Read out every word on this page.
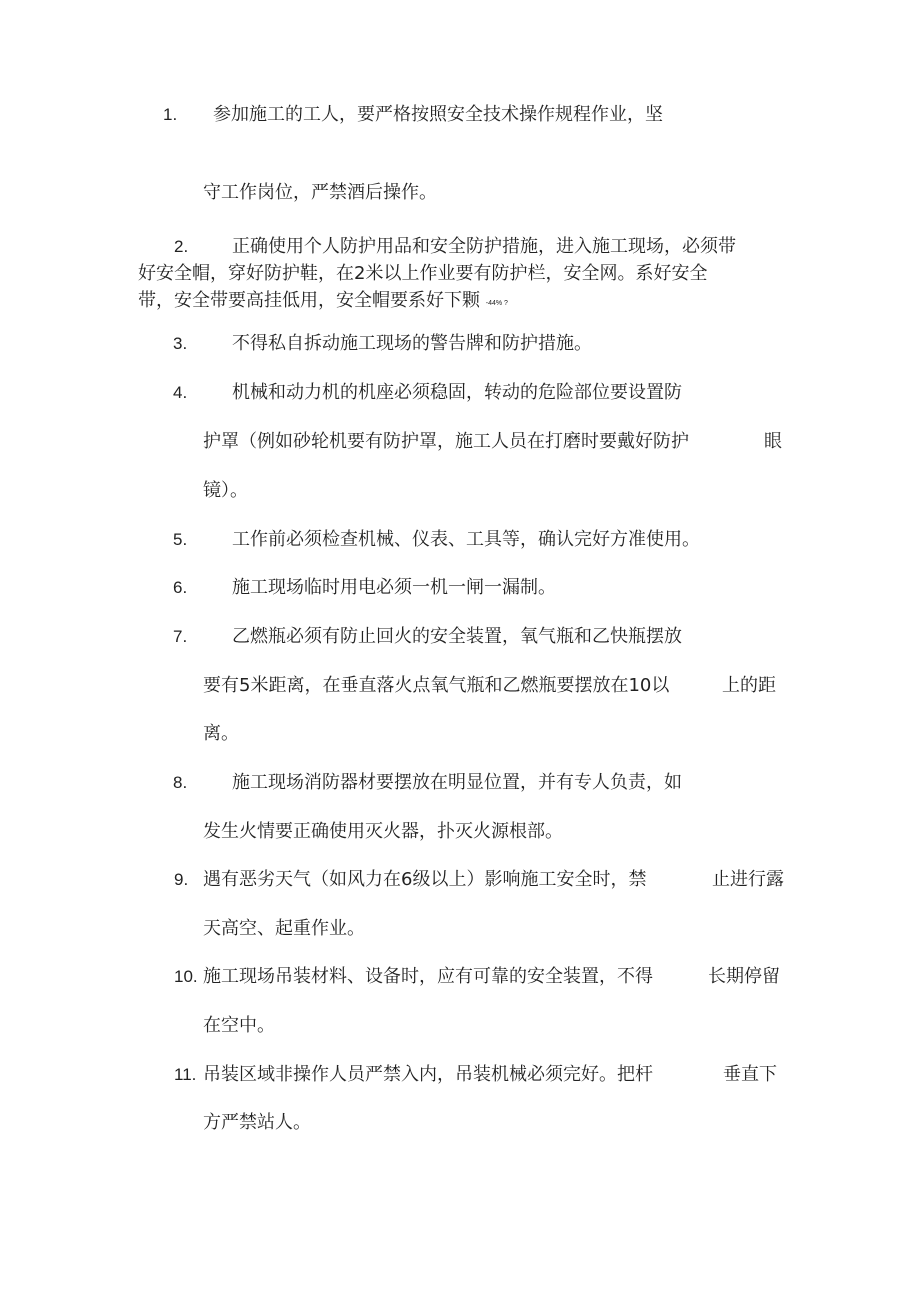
1. 参加施工的工人，要严格按照安全技术操作规程作业，坚
守工作岗位，严禁酒后操作。
2. 正确使用个人防护用品和安全防护措施，进入施工现场，必须带
好安全帽，穿好防护鞋，在2米以上作业要有防护栏，安全网。系好安全
带，安全带要高挂低用，安全帽要系好下颗 -44% ?
3. 不得私自拆动施工现场的警告牌和防护措施。
4. 机械和动力机的机座必须稳固，转动的危险部位要设置防
护罩（例如砂轮机要有防护罩，施工人员在打磨时要戴好防护	眼
镜）。
5. 工作前必须检查机械、仪表、工具等，确认完好方准使用。
6. 施工现场临时用电必须一机一闸一漏制。
7. 乙燃瓶必须有防止回火的安全装置，氧气瓶和乙快瓶摆放
要有5米距离，在垂直落火点氧气瓶和乙燃瓶要摆放在10以	上的距
离。
8. 施工现场消防器材要摆放在明显位置，并有专人负责，如
发生火情要正确使用灭火器，扑灭火源根部。
9. 遇有恶劣天气（如风力在6级以上）影响施工安全时，禁	止进行露
天高空、起重作业。
10. 施工现场吊装材料、设备时，应有可靠的安全装置，不得	长期停留
在空中。
11. 吊装区域非操作人员严禁入内，吊装机械必须完好。把杆	垂直下
方严禁站人。
